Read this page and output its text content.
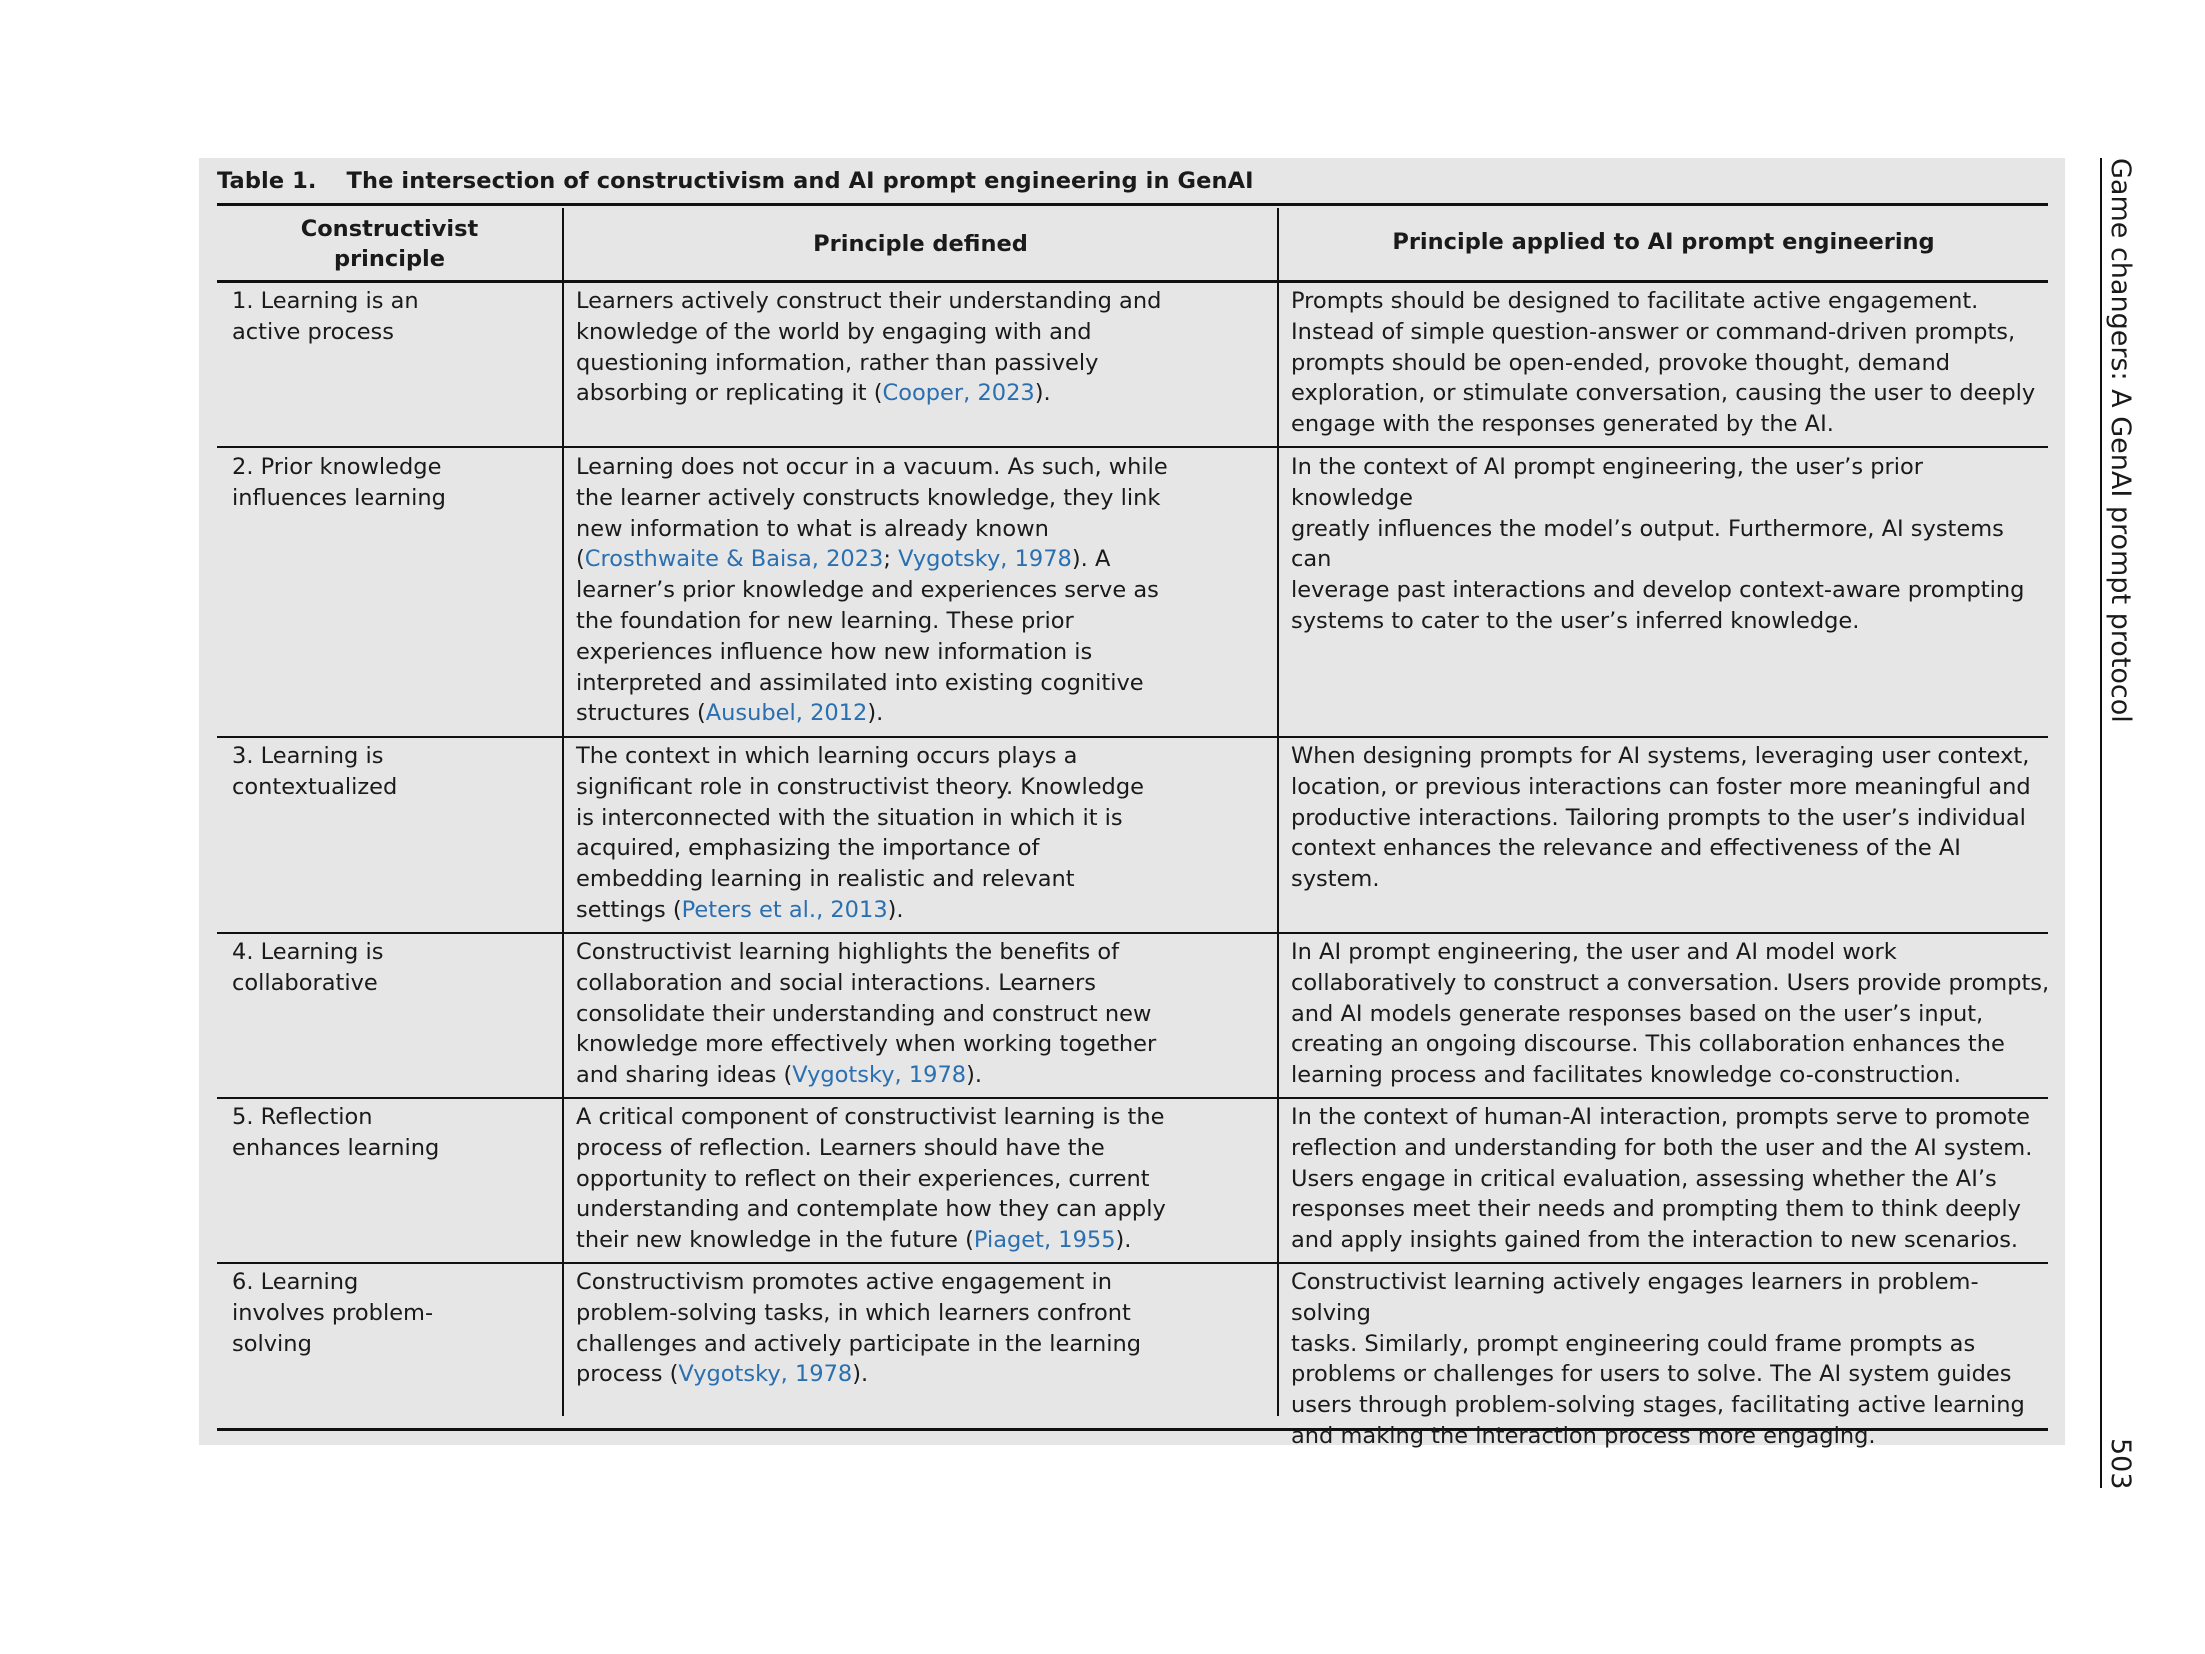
Table 1. The intersection of constructivism and AI prompt engineering in GenAI
Constructivist
principle
Principle defined	Principle applied to AI prompt engineering
1. Learning is an
active process
Learners actively construct their understanding and
knowledge of the world by engaging with and
questioning information, rather than passively
absorbing or replicating it (Cooper, 2023).
Prompts should be designed to facilitate active engagement.
Instead of simple question-answer or command-driven prompts,
prompts should be open-ended, provoke thought, demand
exploration, or stimulate conversation, causing the user to deeply
engage with the responses generated by the AI.
2. Prior knowledge
influences learning
Learning does not occur in a vacuum. As such, while
the learner actively constructs knowledge, they link
new information to what is already known
(Crosthwaite & Baisa, 2023; Vygotsky, 1978). A
learner’s prior knowledge and experiences serve as
the foundation for new learning. These prior
experiences influence how new information is
interpreted and assimilated into existing cognitive
structures (Ausubel, 2012).
In the context of AI prompt engineering, the user’s prior knowledge
greatly influences the model’s output. Furthermore, AI systems can
leverage past interactions and develop context-aware prompting
systems to cater to the user’s inferred knowledge.
3. Learning is
contextualized
The context in which learning occurs plays a
significant role in constructivist theory. Knowledge
is interconnected with the situation in which it is
acquired, emphasizing the importance of
embedding learning in realistic and relevant
settings (Peters et al., 2013).
When designing prompts for AI systems, leveraging user context,
location, or previous interactions can foster more meaningful and
productive interactions. Tailoring prompts to the user’s individual
context enhances the relevance and effectiveness of the AI system.
4. Learning is
collaborative
Constructivist learning highlights the benefits of
collaboration and social interactions. Learners
consolidate their understanding and construct new
knowledge more effectively when working together
and sharing ideas (Vygotsky, 1978).
In AI prompt engineering, the user and AI model work
collaboratively to construct a conversation. Users provide prompts,
and AI models generate responses based on the user’s input,
creating an ongoing discourse. This collaboration enhances the
learning process and facilitates knowledge co-construction.
5. Reflection
enhances learning
A critical component of constructivist learning is the
process of reflection. Learners should have the
opportunity to reflect on their experiences, current
understanding and contemplate how they can apply
their new knowledge in the future (Piaget, 1955).
In the context of human-AI interaction, prompts serve to promote
reflection and understanding for both the user and the AI system.
Users engage in critical evaluation, assessing whether the AI’s
responses meet their needs and prompting them to think deeply
and apply insights gained from the interaction to new scenarios.
6. Learning
involves problem-
solving
Constructivism promotes active engagement in
problem-solving tasks, in which learners confront
challenges and actively participate in the learning
process (Vygotsky, 1978).
Constructivist learning actively engages learners in problem-solving
tasks. Similarly, prompt engineering could frame prompts as
problems or challenges for users to solve. The AI system guides
users through problem-solving stages, facilitating active learning
and making the interaction process more engaging.
Game changers: A GenAI prompt protocol
503
